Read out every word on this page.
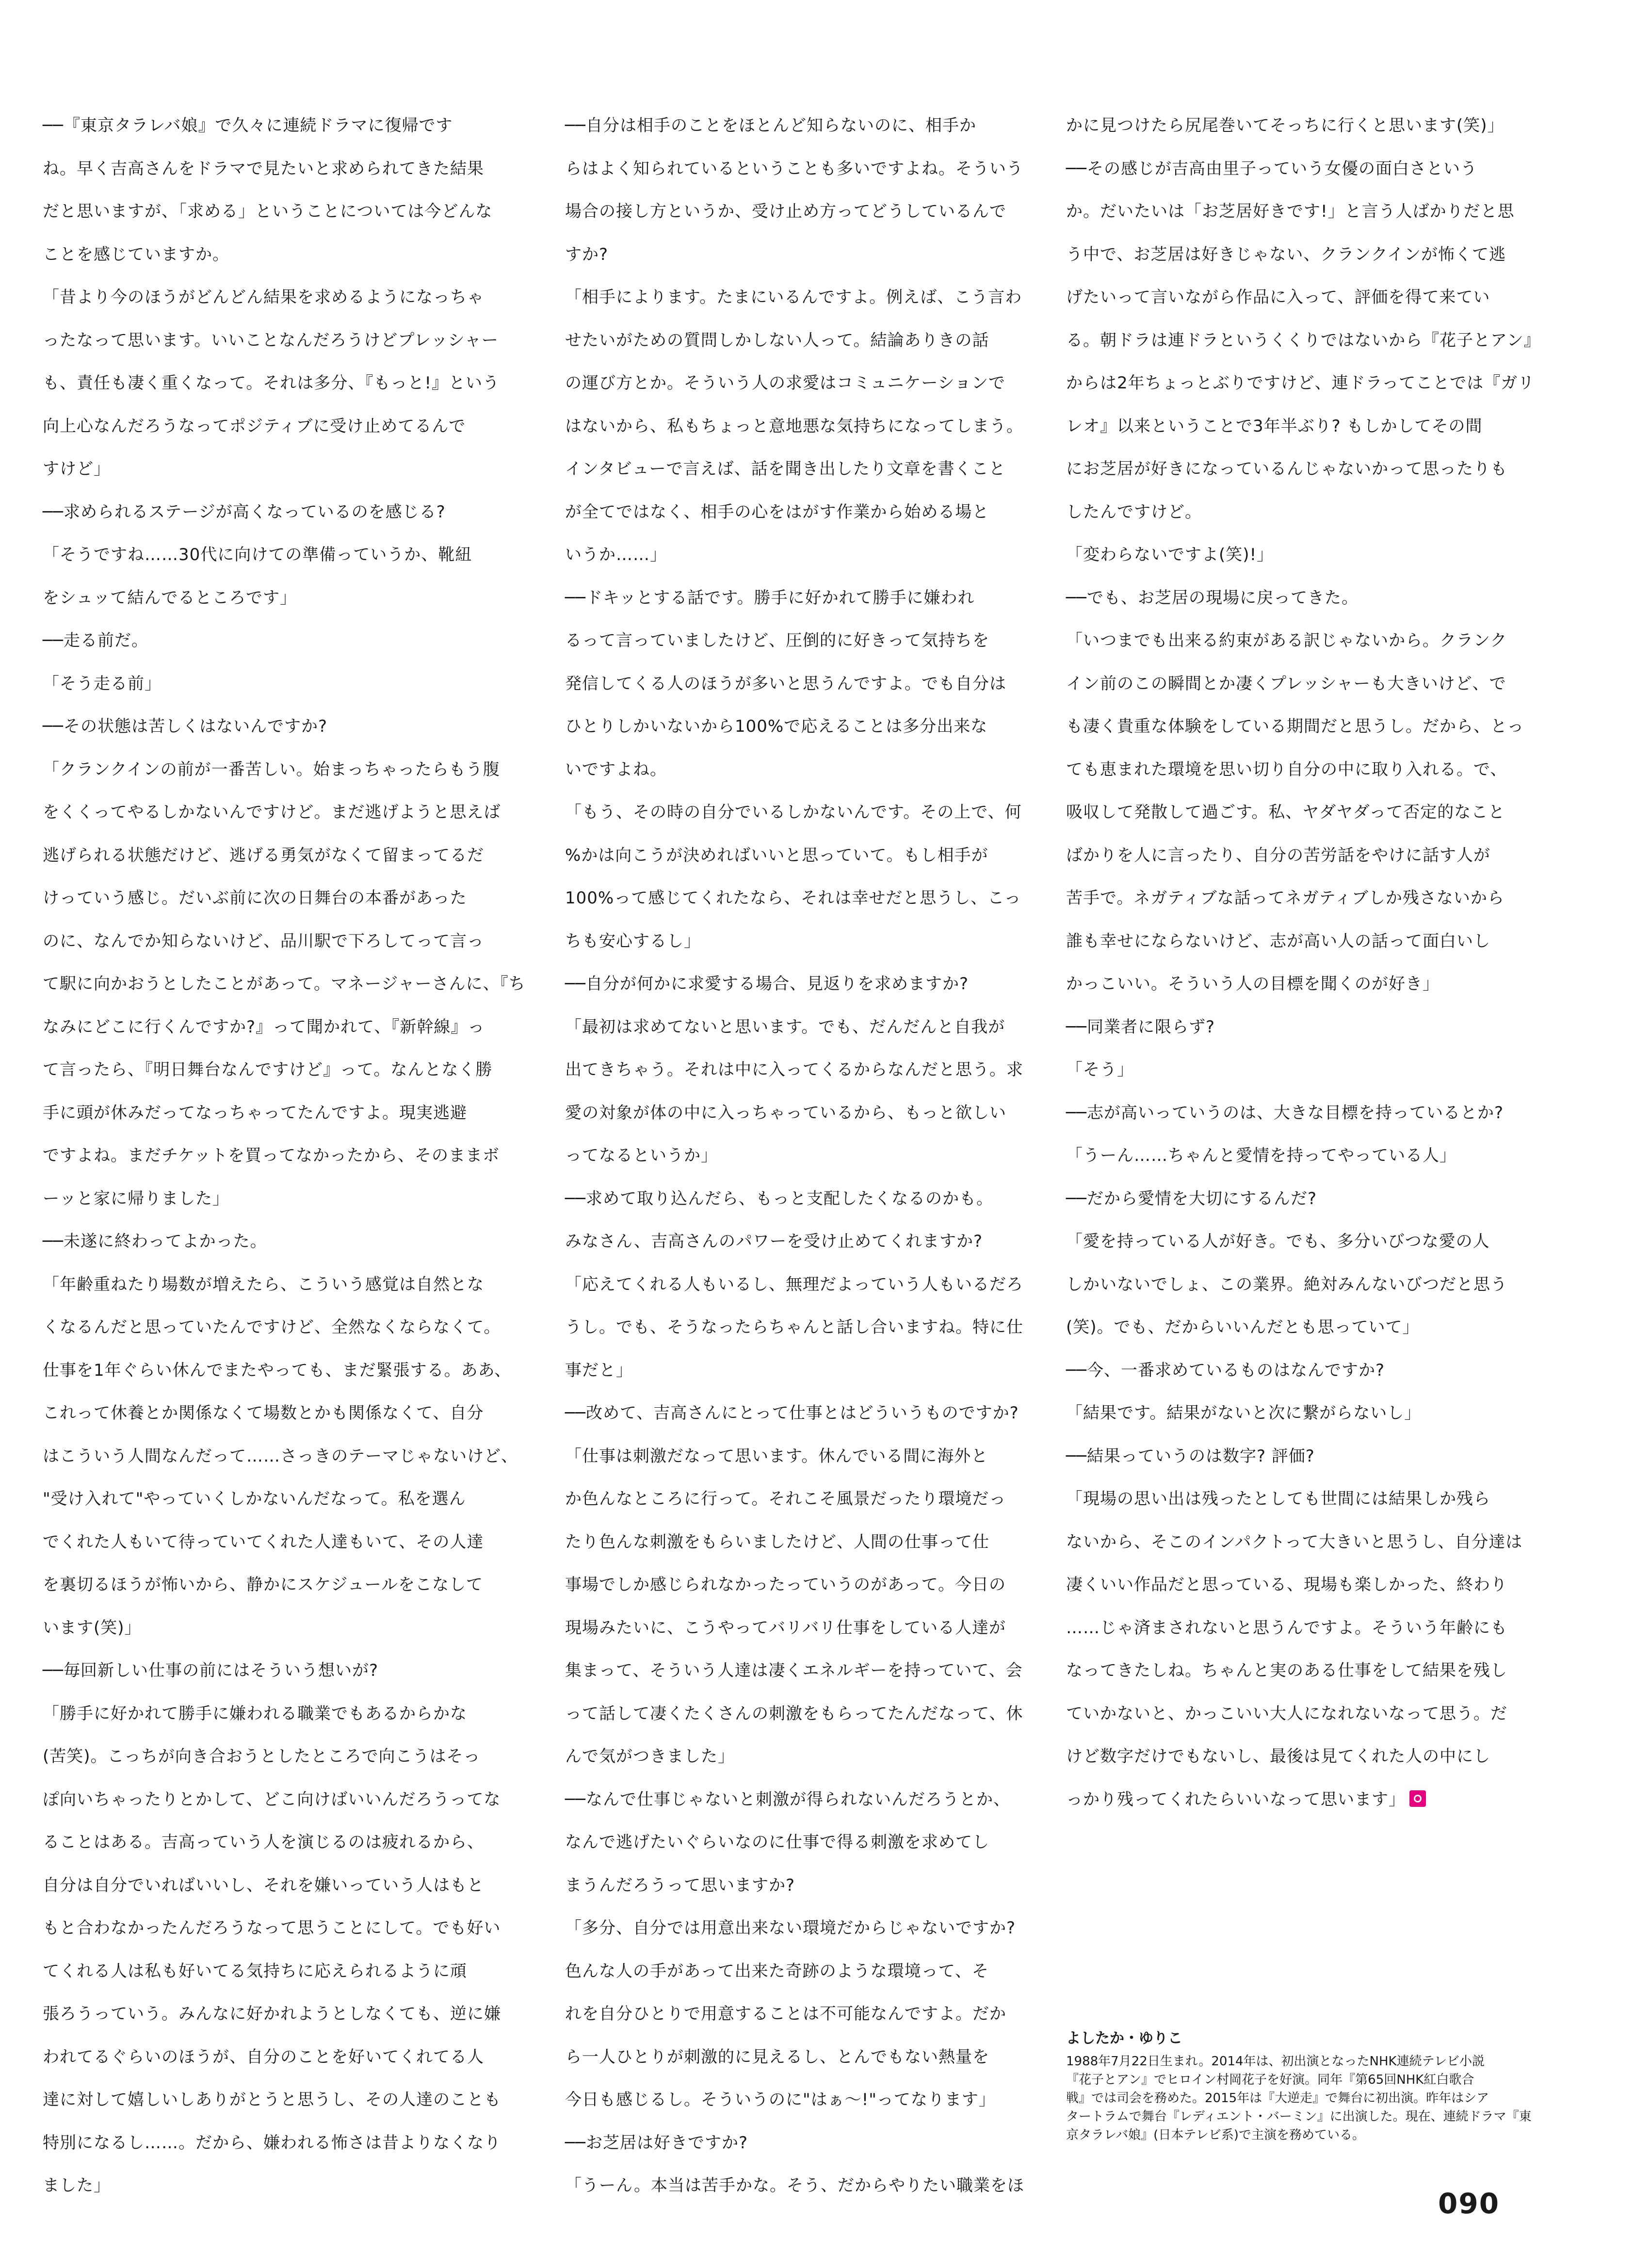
──『東京タラレバ娘』で久々に連続ドラマに復帰です
ね。早く吉高さんをドラマで見たいと求められてきた結果
だと思いますが、「求める」ということについては今どんな
ことを感じていますか。
「昔より今のほうがどんどん結果を求めるようになっちゃ
ったなって思います。いいことなんだろうけどプレッシャー
も、責任も凄く重くなって。それは多分、『もっと!』という
向上心なんだろうなってポジティブに受け止めてるんで
すけど」
──求められるステージが高くなっているのを感じる?
「そうですね……30代に向けての準備っていうか、靴紐
をシュッて結んでるところです」
──走る前だ。
「そう走る前」
──その状態は苦しくはないんですか?
「クランクインの前が一番苦しい。始まっちゃったらもう腹
をくくってやるしかないんですけど。まだ逃げようと思えば
逃げられる状態だけど、逃げる勇気がなくて留まってるだ
けっていう感じ。だいぶ前に次の日舞台の本番があった
のに、なんでか知らないけど、品川駅で下ろしてって言っ
て駅に向かおうとしたことがあって。マネージャーさんに、『ち
なみにどこに行くんですか?』って聞かれて、『新幹線』っ
て言ったら、『明日舞台なんですけど』って。なんとなく勝
手に頭が休みだってなっちゃってたんですよ。現実逃避
ですよね。まだチケットを買ってなかったから、そのままボ
ーッと家に帰りました」
──未遂に終わってよかった。
「年齢重ねたり場数が増えたら、こういう感覚は自然とな
くなるんだと思っていたんですけど、全然なくならなくて。
仕事を1年ぐらい休んでまたやっても、まだ緊張する。ああ、
これって休養とか関係なくて場数とかも関係なくて、自分
はこういう人間なんだって……さっきのテーマじゃないけど、
"受け入れて"やっていくしかないんだなって。私を選ん
でくれた人もいて待っていてくれた人達もいて、その人達
を裏切るほうが怖いから、静かにスケジュールをこなして
います(笑)」
──毎回新しい仕事の前にはそういう想いが?
「勝手に好かれて勝手に嫌われる職業でもあるからかな
(苦笑)。こっちが向き合おうとしたところで向こうはそっ
ぽ向いちゃったりとかして、どこ向けばいいんだろうってな
ることはある。吉高っていう人を演じるのは疲れるから、
自分は自分でいればいいし、それを嫌いっていう人はもと
もと合わなかったんだろうなって思うことにして。でも好い
てくれる人は私も好いてる気持ちに応えられるように頑
張ろうっていう。みんなに好かれようとしなくても、逆に嫌
われてるぐらいのほうが、自分のことを好いてくれてる人
達に対して嬉しいしありがとうと思うし、その人達のことも
特別になるし……。だから、嫌われる怖さは昔よりなくなり
ました」
──自分は相手のことをほとんど知らないのに、相手か
らはよく知られているということも多いですよね。そういう
場合の接し方というか、受け止め方ってどうしているんで
すか?
「相手によります。たまにいるんですよ。例えば、こう言わ
せたいがための質問しかしない人って。結論ありきの話
の運び方とか。そういう人の求愛はコミュニケーションで
はないから、私もちょっと意地悪な気持ちになってしまう。
インタビューで言えば、話を聞き出したり文章を書くこと
が全てではなく、相手の心をはがす作業から始める場と
いうか……」
──ドキッとする話です。勝手に好かれて勝手に嫌われ
るって言っていましたけど、圧倒的に好きって気持ちを
発信してくる人のほうが多いと思うんですよ。でも自分は
ひとりしかいないから100%で応えることは多分出来な
いですよね。
「もう、その時の自分でいるしかないんです。その上で、何
%かは向こうが決めればいいと思っていて。もし相手が
100%って感じてくれたなら、それは幸せだと思うし、こっ
ちも安心するし」
──自分が何かに求愛する場合、見返りを求めますか?
「最初は求めてないと思います。でも、だんだんと自我が
出てきちゃう。それは中に入ってくるからなんだと思う。求
愛の対象が体の中に入っちゃっているから、もっと欲しい
ってなるというか」
──求めて取り込んだら、もっと支配したくなるのかも。
みなさん、吉高さんのパワーを受け止めてくれますか?
「応えてくれる人もいるし、無理だよっていう人もいるだろ
うし。でも、そうなったらちゃんと話し合いますね。特に仕
事だと」
──改めて、吉高さんにとって仕事とはどういうものですか?
「仕事は刺激だなって思います。休んでいる間に海外と
か色んなところに行って。それこそ風景だったり環境だっ
たり色んな刺激をもらいましたけど、人間の仕事って仕
事場でしか感じられなかったっていうのがあって。今日の
現場みたいに、こうやってバリバリ仕事をしている人達が
集まって、そういう人達は凄くエネルギーを持っていて、会
って話して凄くたくさんの刺激をもらってたんだなって、休
んで気がつきました」
──なんで仕事じゃないと刺激が得られないんだろうとか、
なんで逃げたいぐらいなのに仕事で得る刺激を求めてし
まうんだろうって思いますか?
「多分、自分では用意出来ない環境だからじゃないですか?
色んな人の手があって出来た奇跡のような環境って、そ
れを自分ひとりで用意することは不可能なんですよ。だか
ら一人ひとりが刺激的に見えるし、とんでもない熱量を
今日も感じるし。そういうのに"はぁ〜!"ってなります」
──お芝居は好きですか?
「うーん。本当は苦手かな。そう、だからやりたい職業をほ
かに見つけたら尻尾巻いてそっちに行くと思います(笑)」
──その感じが吉高由里子っていう女優の面白さという
か。だいたいは「お芝居好きです!」と言う人ばかりだと思
う中で、お芝居は好きじゃない、クランクインが怖くて逃
げたいって言いながら作品に入って、評価を得て来てい
る。朝ドラは連ドラというくくりではないから『花子とアン』
からは2年ちょっとぶりですけど、連ドラってことでは『ガリ
レオ』以来ということで3年半ぶり? もしかしてその間
にお芝居が好きになっているんじゃないかって思ったりも
したんですけど。
「変わらないですよ(笑)!」
──でも、お芝居の現場に戻ってきた。
「いつまでも出来る約束がある訳じゃないから。クランク
イン前のこの瞬間とか凄くプレッシャーも大きいけど、で
も凄く貴重な体験をしている期間だと思うし。だから、とっ
ても恵まれた環境を思い切り自分の中に取り入れる。で、
吸収して発散して過ごす。私、ヤダヤダって否定的なこと
ばかりを人に言ったり、自分の苦労話をやけに話す人が
苦手で。ネガティブな話ってネガティブしか残さないから
誰も幸せにならないけど、志が高い人の話って面白いし
かっこいい。そういう人の目標を聞くのが好き」
──同業者に限らず?
「そう」
──志が高いっていうのは、大きな目標を持っているとか?
「うーん……ちゃんと愛情を持ってやっている人」
──だから愛情を大切にするんだ?
「愛を持っている人が好き。でも、多分いびつな愛の人
しかいないでしょ、この業界。絶対みんないびつだと思う
(笑)。でも、だからいいんだとも思っていて」
──今、一番求めているものはなんですか?
「結果です。結果がないと次に繋がらないし」
──結果っていうのは数字? 評価?
「現場の思い出は残ったとしても世間には結果しか残ら
ないから、そこのインパクトって大きいと思うし、自分達は
凄くいい作品だと思っている、現場も楽しかった、終わり
……じゃ済まされないと思うんですよ。そういう年齢にも
なってきたしね。ちゃんと実のある仕事をして結果を残し
ていかないと、かっこいい大人になれないなって思う。だ
けど数字だけでもないし、最後は見てくれた人の中にし
っかり残ってくれたらいいなって思います」
よしたか・ゆりこ
1988年7月22日生まれ。2014年は、初出演となったNHK連続テレビ小説
『花子とアン』でヒロイン村岡花子を好演。同年『第65回NHK紅白歌合
戦』では司会を務めた。2015年は『大逆走』で舞台に初出演。昨年はシア
タートラムで舞台『レディエント・バーミン』に出演した。現在、連続ドラマ『東
京タラレバ娘』(日本テレビ系)で主演を務めている。
090
